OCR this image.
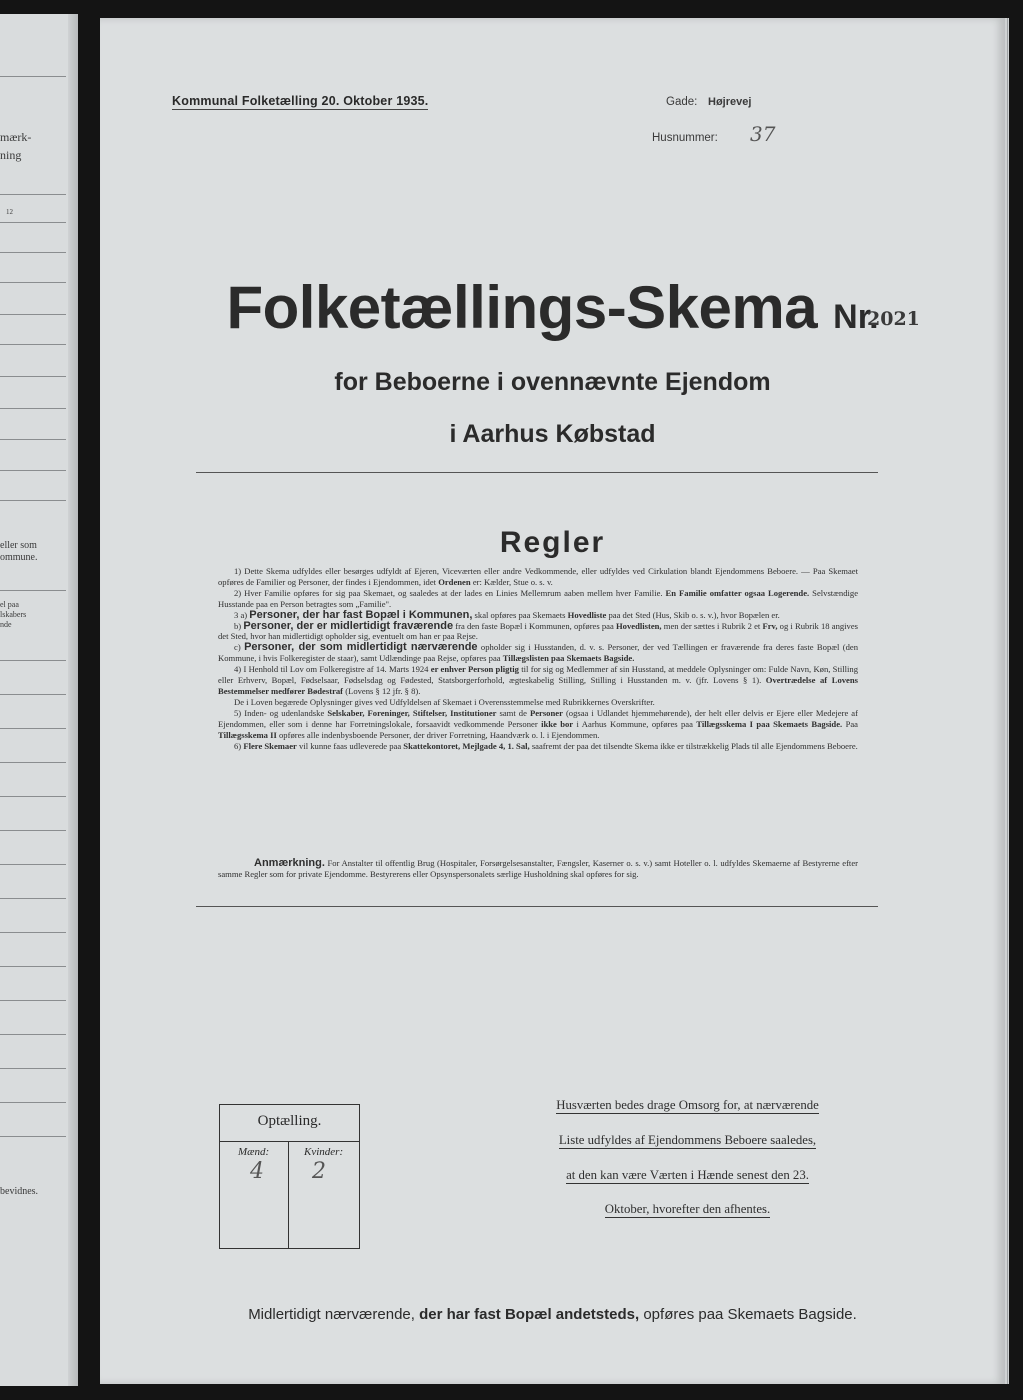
mærk-
ning
12
eller som
ommune.
el paa
lskabers
nde
bevidnes.
Kommunal Folketælling 20. Oktober 1935.	Gade: Højrevej
Husnummer: 37
Folketællings-Skema Nr.
2021
for Beboerne i ovennævnte Ejendom
i Aarhus Købstad
Regler

1) Dette Skema udfyldes eller besørges udfyldt af Ejeren, Viceværten eller andre Vedkommende, eller udfyldes ved Cirkulation blandt Ejendommens Beboere. — Paa Skemaet opføres de Familier og Personer, der findes i Ejendommen, idet Ordenen er: Kælder, Stue o. s. v.

2) Hver Familie opføres for sig paa Skemaet, og saaledes at der lades en Linies Mellemrum aaben mellem hver Familie. En Familie omfatter ogsaa Logerende. Selvstændige Husstande paa en Person betragtes som „Familie".

3 a) Personer, der har fast Bopæl i Kommunen, skal opføres paa Skemaets Hovedliste paa det Sted (Hus, Skib o. s. v.), hvor Bopælen er.

b) Personer, der er midlertidigt fraværende fra den faste Bopæl i Kommunen, opføres paa Hovedlisten, men der sættes i Rubrik 2 et Frv, og i Rubrik 18 angives det Sted, hvor han midlertidigt opholder sig, eventuelt om han er paa Rejse.

c) Personer, der som midlertidigt nærværende opholder sig i Husstanden, d. v. s. Personer, der ved Tællingen er fraværende fra deres faste Bopæl (den Kommune, i hvis Folkeregister de staar), samt Udlændinge paa Rejse, opføres paa Tillægslisten paa Skemaets Bagside.

4) I Henhold til Lov om Folkeregistre af 14. Marts 1924 er enhver Person pligtig til for sig og Medlemmer af sin Husstand, at meddele Oplysninger om: Fulde Navn, Køn, Stilling eller Erhverv, Bopæl, Fødselsaar, Fødselsdag og Fødested, Statsborgerforhold, ægteskabelig Stilling, Stilling i Husstanden m. v. (jfr. Lovens § 1). Overtrædelse af Lovens Bestemmelser medfører Bødestraf (Lovens § 12 jfr. § 8).

De i Loven begærede Oplysninger gives ved Udfyldelsen af Skemaet i Overensstemmelse med Rubrikkernes Overskrifter.

5) Inden- og udenlandske Selskaber, Foreninger, Stiftelser, Institutioner samt de Personer (ogsaa i Udlandet hjemmehørende), der helt eller delvis er Ejere eller Medejere af Ejendommen, eller som i denne har Forretningslokale, forsaavidt vedkommende Personer ikke bor i Aarhus Kommune, opføres paa Tillægsskema I paa Skemaets Bagside. Paa Tillægsskema II opføres alle indenbysboende Personer, der driver Forretning, Haandværk o. l. i Ejendommen.

6) Flere Skemaer vil kunne faas udleverede paa Skattekontoret, Mejlgade 4, 1. Sal, saafremt der paa det tilsendte Skema ikke er tilstrækkelig Plads til alle Ejendommens Beboere.

Anmærkning. For Anstalter til offentlig Brug (Hospitaler, Forsørgelsesanstalter, Fængsler, Kaserner o. s. v.) samt Hoteller o. l. udfyldes Skemaerne af Bestyrerne efter samme Regler som for private Ejendomme. Bestyrerens eller Opsynspersonalets særlige Husholdning skal opføres for sig.
Optælling.
Mænd:	Kvinder:
4 2
Husværten bedes drage Omsorg for, at nærværende
Liste udfyldes af Ejendommens Beboere saaledes,
at den kan være Værten i Hænde senest den 23.
Oktober, hvorefter den afhentes.
Midlertidigt nærværende, der har fast Bopæl andetsteds, opføres paa Skemaets Bagside.
